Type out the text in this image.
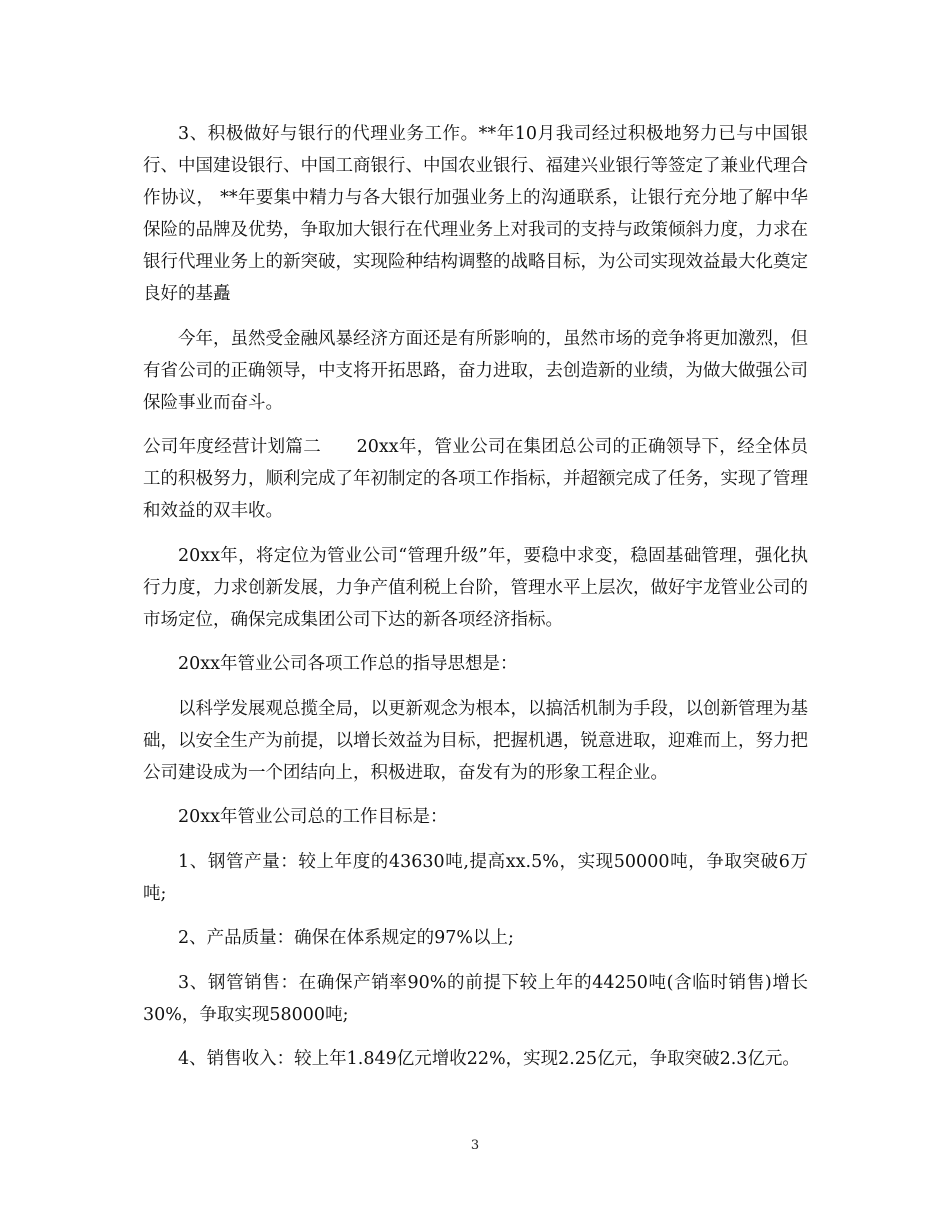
3、积极做好与银行的代理业务工作。**年10月我司经过积极地努力已与中国银行、中国建设银行、中国工商银行、中国农业银行、福建兴业银行等签定了兼业代理合作协议， **年要集中精力与各大银行加强业务上的沟通联系，让银行充分地了解中华保险的品牌及优势，争取加大银行在代理业务上对我司的支持与政策倾斜力度，力求在银行代理业务上的新突破，实现险种结构调整的战略目标，为公司实现效益最大化奠定良好的基矗

今年，虽然受金融风暴经济方面还是有所影响的，虽然市场的竞争将更加激烈，但有省公司的正确领导，中支将开拓思路，奋力进取，去创造新的业绩，为做大做强公司保险事业而奋斗。

公司年度经营计划篇二　　20xx年，管业公司在集团总公司的正确领导下，经全体员工的积极努力，顺利完成了年初制定的各项工作指标，并超额完成了任务，实现了管理和效益的双丰收。

20xx年，将定位为管业公司“管理升级”年，要稳中求变，稳固基础管理，强化执行力度，力求创新发展，力争产值利税上台阶，管理水平上层次，做好宇龙管业公司的市场定位，确保完成集团公司下达的新各项经济指标。

20xx年管业公司各项工作总的指导思想是：

以科学发展观总揽全局，以更新观念为根本，以搞活机制为手段，以创新管理为基础，以安全生产为前提，以增长效益为目标，把握机遇，锐意进取，迎难而上，努力把公司建设成为一个团结向上，积极进取，奋发有为的形象工程企业。

20xx年管业公司总的工作目标是：

1、钢管产量：较上年度的43630吨,提高xx.5%，实现50000吨，争取突破6万吨;

2、产品质量：确保在体系规定的97%以上;

3、钢管销售：在确保产销率90%的前提下较上年的44250吨(含临时销售)增长30%，争取实现58000吨;

4、销售收入：较上年1.849亿元增收22%，实现2.25亿元，争取突破2.3亿元。

3
